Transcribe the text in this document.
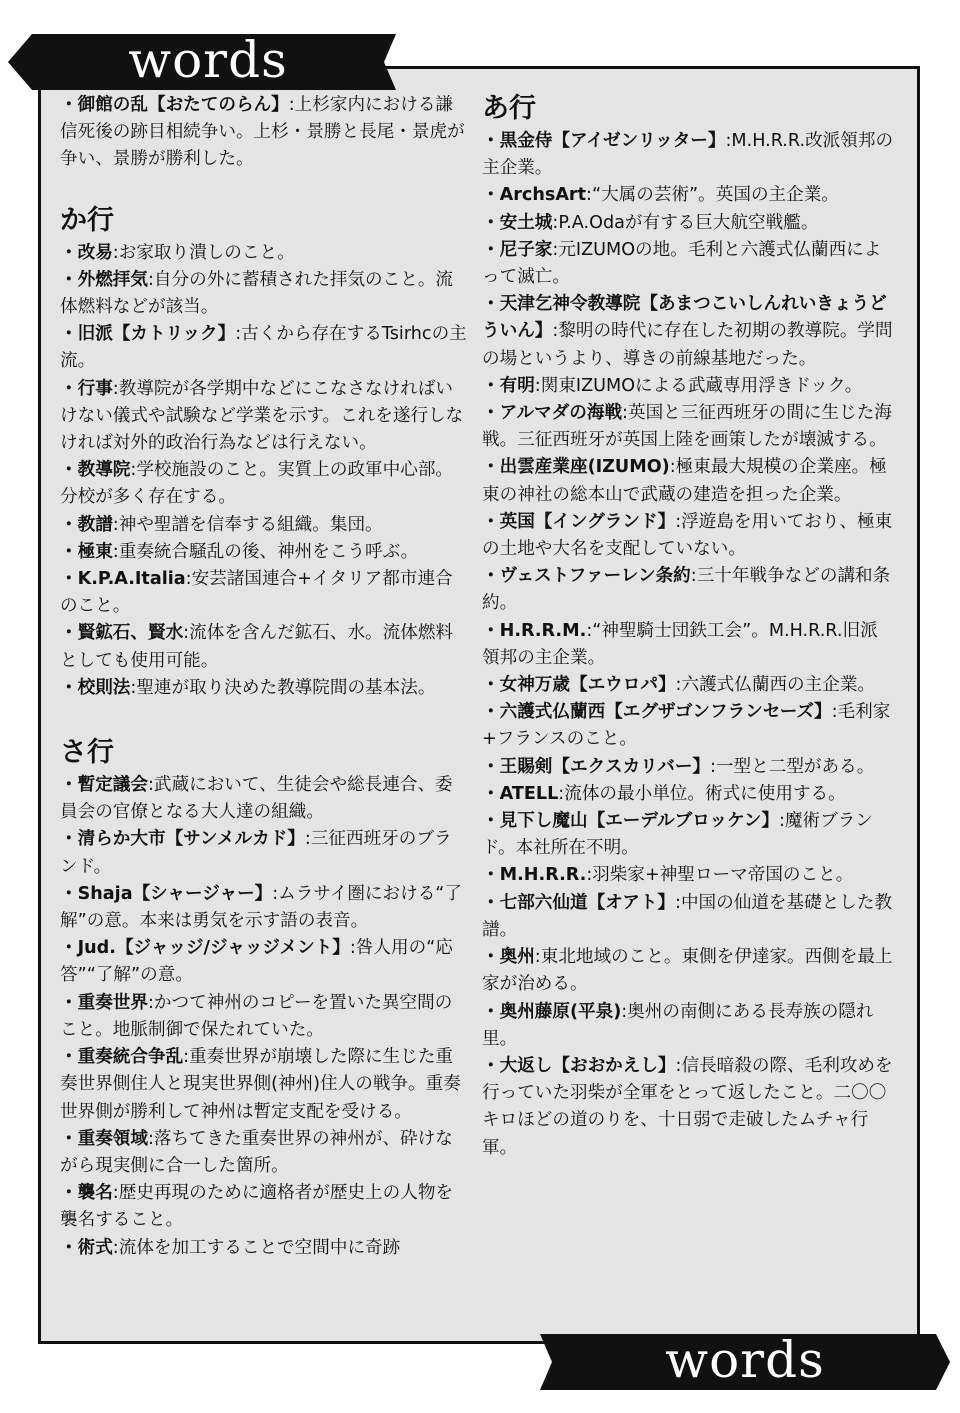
words

・御館の乱【おたてのらん】:上杉家内における謙信死後の跡目相続争い。上杉・景勝と長尾・景虎が争い、景勝が勝利した。

か行

・改易:お家取り潰しのこと。

・外燃拝気:自分の外に蓄積された拝気のこと。流体燃料などが該当。

・旧派【カトリック】:古くから存在するTsirhcの主流。

・行事:教導院が各学期中などにこなさなければいけない儀式や試験など学業を示す。これを遂行しなければ対外的政治行為などは行えない。

・教導院:学校施設のこと。実質上の政軍中心部。分校が多く存在する。

・教譜:神や聖譜を信奉する組織。集団。

・極東:重奏統合騒乱の後、神州をこう呼ぶ。

・K.P.A.Italia:安芸諸国連合+イタリア都市連合のこと。

・賢鉱石、賢水:流体を含んだ鉱石、水。流体燃料としても使用可能。

・校則法:聖連が取り決めた教導院間の基本法。

さ行

・暫定議会:武蔵において、生徒会や総長連合、委員会の官僚となる大人達の組織。

・清らか大市【サンメルカド】:三征西班牙のブランド。

・Shaja【シャージャー】:ムラサイ圏における“了解”の意。本来は勇気を示す語の表音。

・Jud.【ジャッジ/ジャッジメント】:咎人用の“応答”“了解”の意。

・重奏世界:かつて神州のコピーを置いた異空間のこと。地脈制御で保たれていた。

・重奏統合争乱:重奏世界が崩壊した際に生じた重奏世界側住人と現実世界側(神州)住人の戦争。重奏世界側が勝利して神州は暫定支配を受ける。

・重奏領域:落ちてきた重奏世界の神州が、砕けながら現実側に合一した箇所。

・襲名:歴史再現のために適格者が歴史上の人物を襲名すること。

・術式:流体を加工することで空間中に奇跡

あ行

・黒金侍【アイゼンリッター】:M.H.R.R.改派領邦の主企業。

・ArchsArt:“大属の芸術”。英国の主企業。

・安土城:P.A.Odaが有する巨大航空戦艦。

・尼子家:元IZUMOの地。毛利と六護式仏蘭西によって滅亡。

・天津乞神令教導院【あまつこいしんれいきょうどういん】:黎明の時代に存在した初期の教導院。学問の場というより、導きの前線基地だった。

・有明:関東IZUMOによる武蔵専用浮きドック。

・アルマダの海戦:英国と三征西班牙の間に生じた海戦。三征西班牙が英国上陸を画策したが壊滅する。

・出雲産業座(IZUMO):極東最大規模の企業座。極東の神社の総本山で武蔵の建造を担った企業。

・英国【イングランド】:浮遊島を用いており、極東の土地や大名を支配していない。

・ヴェストファーレン条約:三十年戦争などの講和条約。

・H.R.R.M.:“神聖騎士団鉄工会”。M.H.R.R.旧派領邦の主企業。

・女神万歳【エウロパ】:六護式仏蘭西の主企業。

・六護式仏蘭西【エグザゴンフランセーズ】:毛利家+フランスのこと。

・王賜剣【エクスカリバー】:一型と二型がある。

・ATELL:流体の最小単位。術式に使用する。

・見下し魔山【エーデルブロッケン】:魔術ブランド。本社所在不明。

・M.H.R.R.:羽柴家+神聖ローマ帝国のこと。

・七部六仙道【オアト】:中国の仙道を基礎とした教譜。

・奥州:東北地域のこと。東側を伊達家。西側を最上家が治める。

・奥州藤原(平泉):奥州の南側にある長寿族の隠れ里。

・大返し【おおかえし】:信長暗殺の際、毛利攻めを行っていた羽柴が全軍をとって返したこと。二〇〇キロほどの道のりを、十日弱で走破したムチャ行軍。

words
